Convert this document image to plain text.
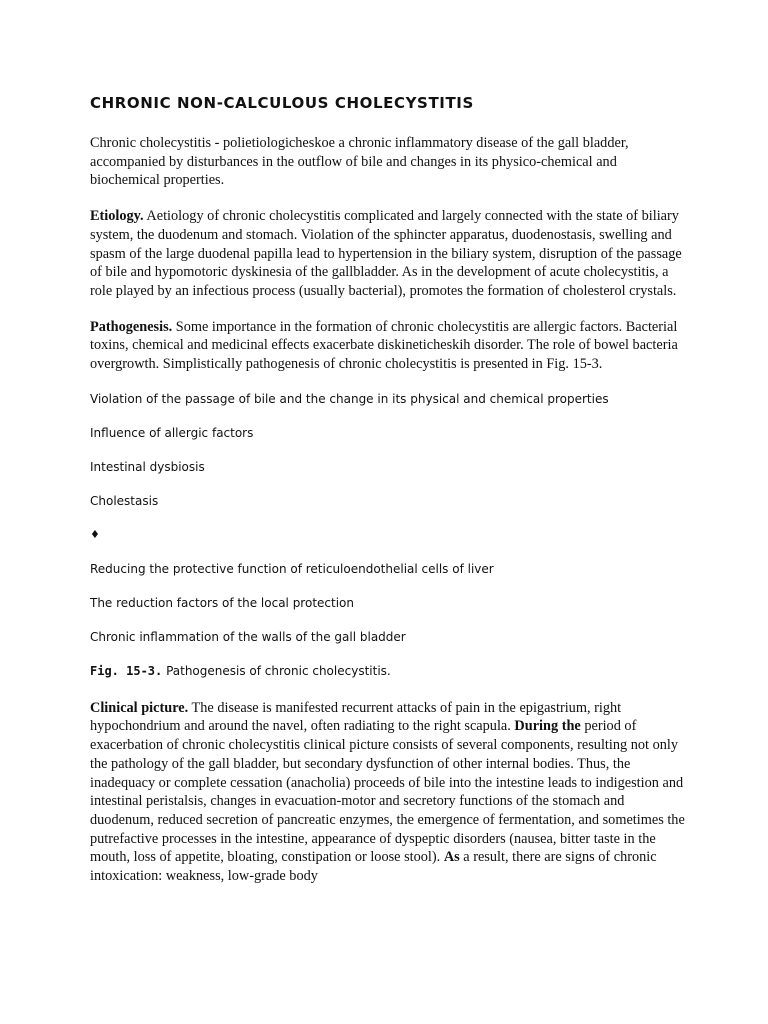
CHRONIC NON-CALCULOUS CHOLECYSTITIS

Chronic cholecystitis - polietiologicheskoe a chronic inflammatory disease of the gall bladder, accompanied by disturbances in the outflow of bile and changes in its physico-chemical and biochemical properties.

Etiology. Aetiology of chronic cholecystitis complicated and largely connected with the state of biliary system, the duodenum and stomach. Violation of the sphincter apparatus, duodenostasis, swelling and spasm of the large duodenal papilla lead to hypertension in the biliary system, disruption of the passage of bile and hypomotoric dyskinesia of the gallbladder. As in the development of acute cholecystitis, a role played by an infectious process (usually bacterial), promotes the formation of cholesterol crystals.

Pathogenesis. Some importance in the formation of chronic cholecystitis are allergic factors. Bacterial toxins, chemical and medicinal effects exacerbate diskineticheskih disorder. The role of bowel bacteria overgrowth. Simplistically pathogenesis of chronic cholecystitis is presented in Fig. 15-3.

Violation of the passage of bile and the change in its physical and chemical properties

Influence of allergic factors

Intestinal dysbiosis

Cholestasis

♦

Reducing the protective function of reticuloendothelial cells of liver

The reduction factors of the local protection

Chronic inflammation of the walls of the gall bladder

Fig. 15-3. Pathogenesis of chronic cholecystitis.

Clinical picture. The disease is manifested recurrent attacks of pain in the epigastrium, right hypochondrium and around the navel, often radiating to the right scapula. During the period of exacerbation of chronic cholecystitis clinical picture consists of several components, resulting not only the pathology of the gall bladder, but secondary dysfunction of other internal bodies. Thus, the inadequacy or complete cessation (anacholia) proceeds of bile into the intestine leads to indigestion and intestinal peristalsis, changes in evacuation-motor and secretory functions of the stomach and duodenum, reduced secretion of pancreatic enzymes, the emergence of fermentation, and sometimes the putrefactive processes in the intestine, appearance of dyspeptic disorders (nausea, bitter taste in the mouth, loss of appetite, bloating, constipation or loose stool). As a result, there are signs of chronic intoxication: weakness, low-grade body
